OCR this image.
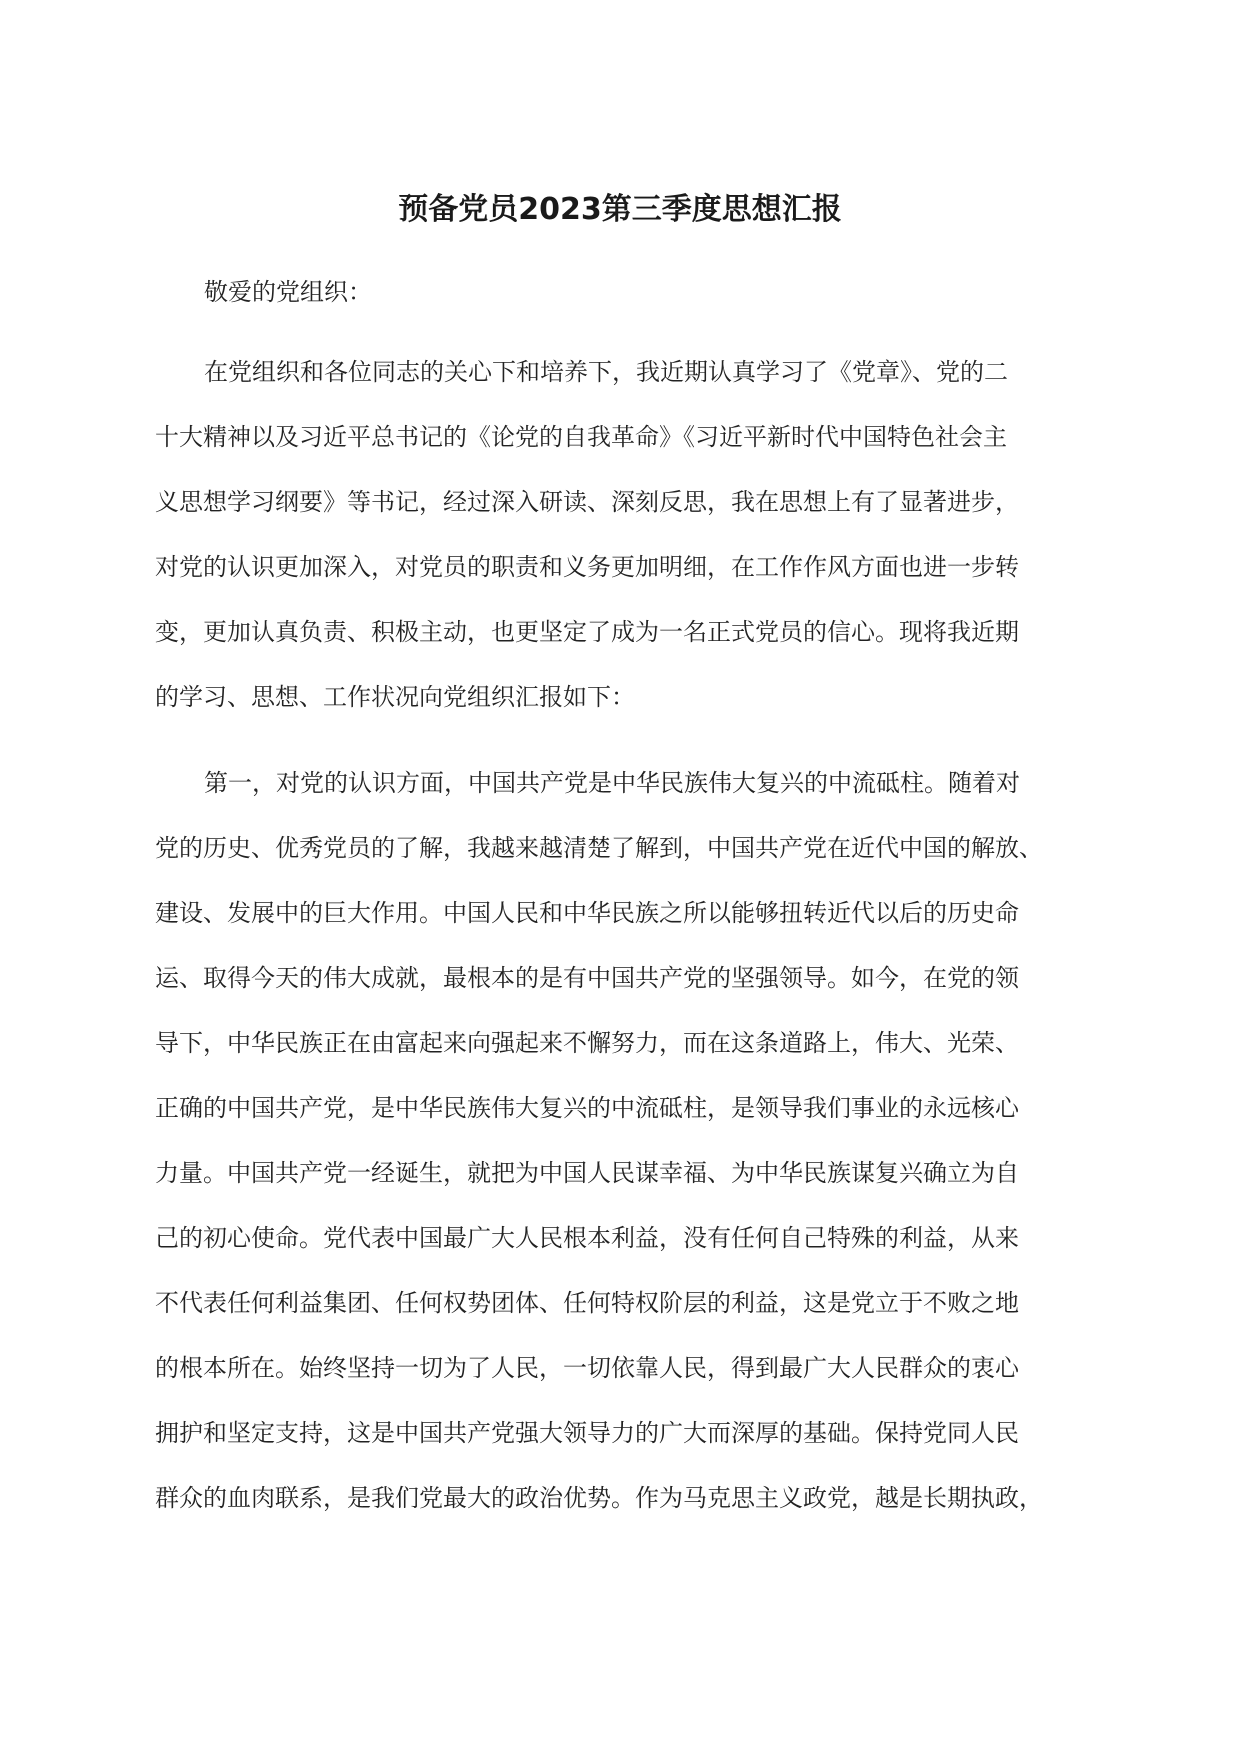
预备党员2023第三季度思想汇报
敬爱的党组织：
在党组织和各位同志的关心下和培养下，我近期认真学习了《党章》、党的二
十大精神以及习近平总书记的《论党的自我革命》《习近平新时代中国特色社会主
义思想学习纲要》等书记，经过深入研读、深刻反思，我在思想上有了显著进步，
对党的认识更加深入，对党员的职责和义务更加明细，在工作作风方面也进一步转
变，更加认真负责、积极主动，也更坚定了成为一名正式党员的信心。现将我近期
的学习、思想、工作状况向党组织汇报如下：
第一，对党的认识方面，中国共产党是中华民族伟大复兴的中流砥柱。随着对
党的历史、优秀党员的了解，我越来越清楚了解到，中国共产党在近代中国的解放、
建设、发展中的巨大作用。中国人民和中华民族之所以能够扭转近代以后的历史命
运、取得今天的伟大成就，最根本的是有中国共产党的坚强领导。如今，在党的领
导下，中华民族正在由富起来向强起来不懈努力，而在这条道路上，伟大、光荣、
正确的中国共产党，是中华民族伟大复兴的中流砥柱，是领导我们事业的永远核心
力量。中国共产党一经诞生，就把为中国人民谋幸福、为中华民族谋复兴确立为自
己的初心使命。党代表中国最广大人民根本利益，没有任何自己特殊的利益，从来
不代表任何利益集团、任何权势团体、任何特权阶层的利益，这是党立于不败之地
的根本所在。始终坚持一切为了人民，一切依靠人民，得到最广大人民群众的衷心
拥护和坚定支持，这是中国共产党强大领导力的广大而深厚的基础。保持党同人民
群众的血肉联系，是我们党最大的政治优势。作为马克思主义政党，越是长期执政，
